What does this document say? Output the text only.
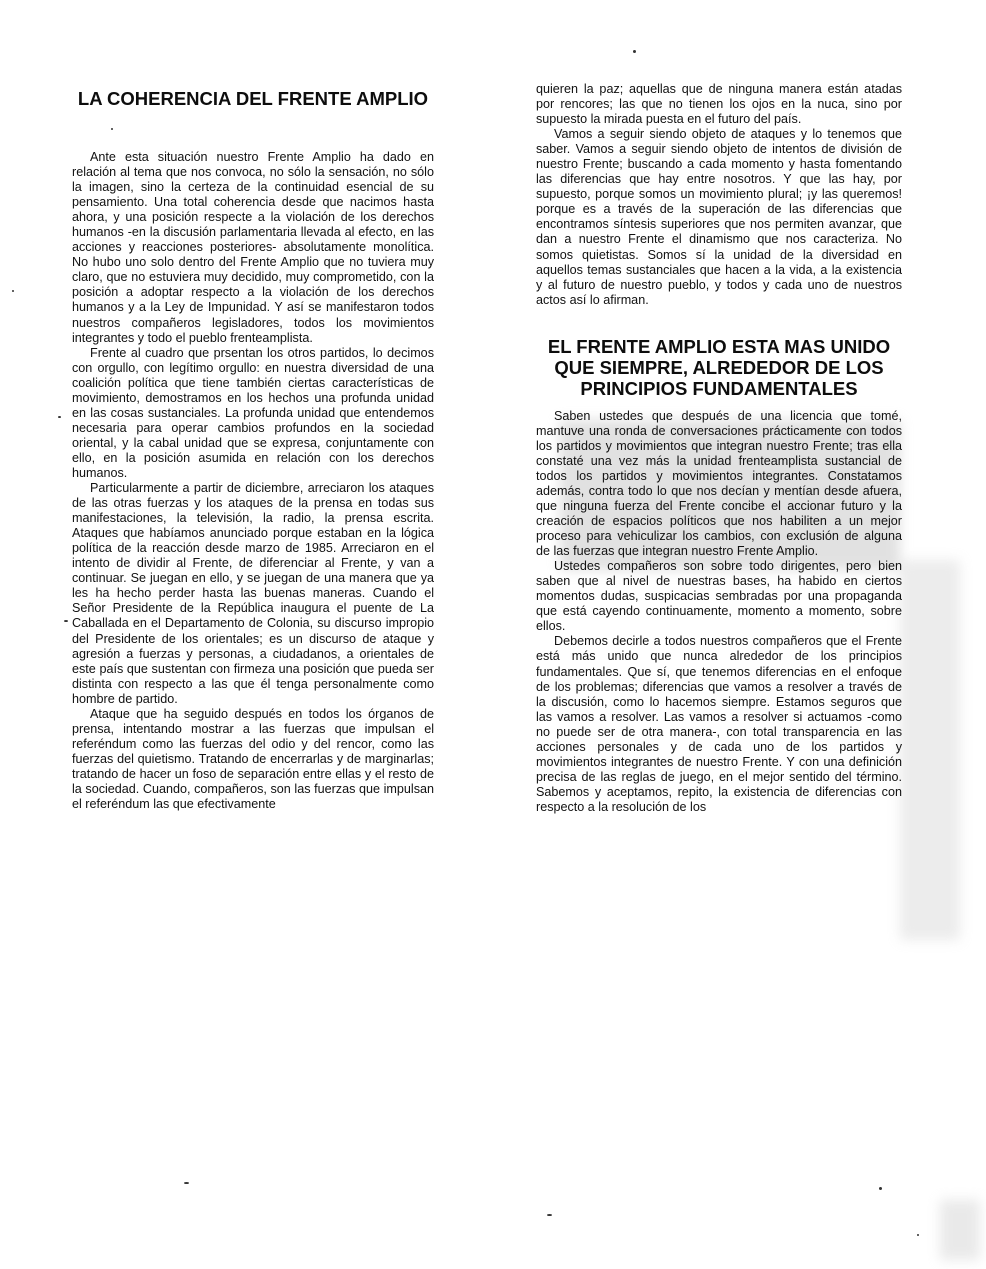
LA COHERENCIA DEL FRENTE AMPLIO

Ante esta situación nuestro Frente Amplio ha dado en relación al tema que nos convoca, no sólo la sensación, no sólo la imagen, sino la certeza de la continuidad esencial de su pensamiento. Una total coherencia desde que nacimos hasta ahora, y una posición respecte a la violación de los derechos humanos -en la discusión parlamentaria llevada al efecto, en las acciones y reacciones posteriores- absolutamente monolítica. No hubo uno solo dentro del Frente Amplio que no tuviera muy claro, que no estuviera muy decidido, muy comprometido, con la posición a adoptar respecto a la violación de los derechos humanos y a la Ley de Impunidad. Y así se manifestaron todos nuestros compañeros legisladores, todos los movimientos integrantes y todo el pueblo frenteamplista.

Frente al cuadro que prsentan los otros partidos, lo decimos con orgullo, con legítimo orgullo: en nuestra diversidad de una coalición política que tiene también ciertas características de movimiento, demostramos en los hechos una profunda unidad en las cosas sustanciales. La profunda unidad que entendemos necesaria para operar cambios profundos en la sociedad oriental, y la cabal unidad que se expresa, conjuntamente con ello, en la posición asumida en relación con los derechos humanos.

Particularmente a partir de diciembre, arreciaron los ataques de las otras fuerzas y los ataques de la prensa en todas sus manifestaciones, la televisión, la radio, la prensa escrita. Ataques que habíamos anunciado porque estaban en la lógica política de la reacción desde marzo de 1985. Arreciaron en el intento de dividir al Frente, de diferenciar al Frente, y van a continuar. Se juegan en ello, y se juegan de una manera que ya les ha hecho perder hasta las buenas maneras. Cuando el Señor Presidente de la República inaugura el puente de La Caballada en el Departamento de Colonia, su discurso impropio del Presidente de los orientales; es un discurso de ataque y agresión a fuerzas y personas, a ciudadanos, a orientales de este país que sustentan con firmeza una posición que pueda ser distinta con respecto a las que él tenga personalmente como hombre de partido.

Ataque que ha seguido después en todos los órganos de prensa, intentando mostrar a las fuerzas que impulsan el referéndum como las fuerzas del odio y del rencor, como las fuerzas del quietismo. Tratando de encerrarlas y de marginarlas; tratando de hacer un foso de separación entre ellas y el resto de la sociedad. Cuando, compañeros, son las fuerzas que impulsan el referéndum las que efectivamente

quieren la paz; aquellas que de ninguna manera están atadas por rencores; las que no tienen los ojos en la nuca, sino por supuesto la mirada puesta en el futuro del país.

Vamos a seguir siendo objeto de ataques y lo tenemos que saber. Vamos a seguir siendo objeto de intentos de división de nuestro Frente; buscando a cada momento y hasta fomentando las diferencias que hay entre nosotros. Y que las hay, por supuesto, porque somos un movimiento plural; ¡y las queremos! porque es a través de la superación de las diferencias que encontramos síntesis superiores que nos permiten avanzar, que dan a nuestro Frente el dinamismo que nos caracteriza. No somos quietistas. Somos sí la unidad de la diversidad en aquellos temas sustanciales que hacen a la vida, a la existencia y al futuro de nuestro pueblo, y todos y cada uno de nuestros actos así lo afirman.

EL FRENTE AMPLIO ESTA MAS UNIDO QUE SIEMPRE, ALREDEDOR DE LOS PRINCIPIOS FUNDAMENTALES

Saben ustedes que después de una licencia que tomé, mantuve una ronda de conversaciones prácticamente con todos los partidos y movimientos que integran nuestro Frente; tras ella constaté una vez más la unidad frenteamplista sustancial de todos los partidos y movimientos integrantes. Constatamos además, contra todo lo que nos decían y mentían desde afuera, que ninguna fuerza del Frente concibe el accionar futuro y la creación de espacios políticos que nos habiliten a un mejor proceso para vehiculizar los cambios, con exclusión de alguna de las fuerzas que integran nuestro Frente Amplio.

Ustedes compañeros son sobre todo dirigentes, pero bien saben que al nivel de nuestras bases, ha habido en ciertos momentos dudas, suspicacias sembradas por una propaganda que está cayendo continuamente, momento a momento, sobre ellos.

Debemos decirle a todos nuestros compañeros que el Frente está más unido que nunca alrededor de los principios fundamentales. Que sí, que tenemos diferencias en el enfoque de los problemas; diferencias que vamos a resolver a través de la discusión, como lo hacemos siempre. Estamos seguros que las vamos a resolver. Las vamos a resolver si actuamos -como no puede ser de otra manera-, con total transparencia en las acciones personales y de cada uno de los partidos y movimientos integrantes de nuestro Frente. Y con una definición precisa de las reglas de juego, en el mejor sentido del término. Sabemos y aceptamos, repito, la existencia de diferencias con respecto a la resolución de los
